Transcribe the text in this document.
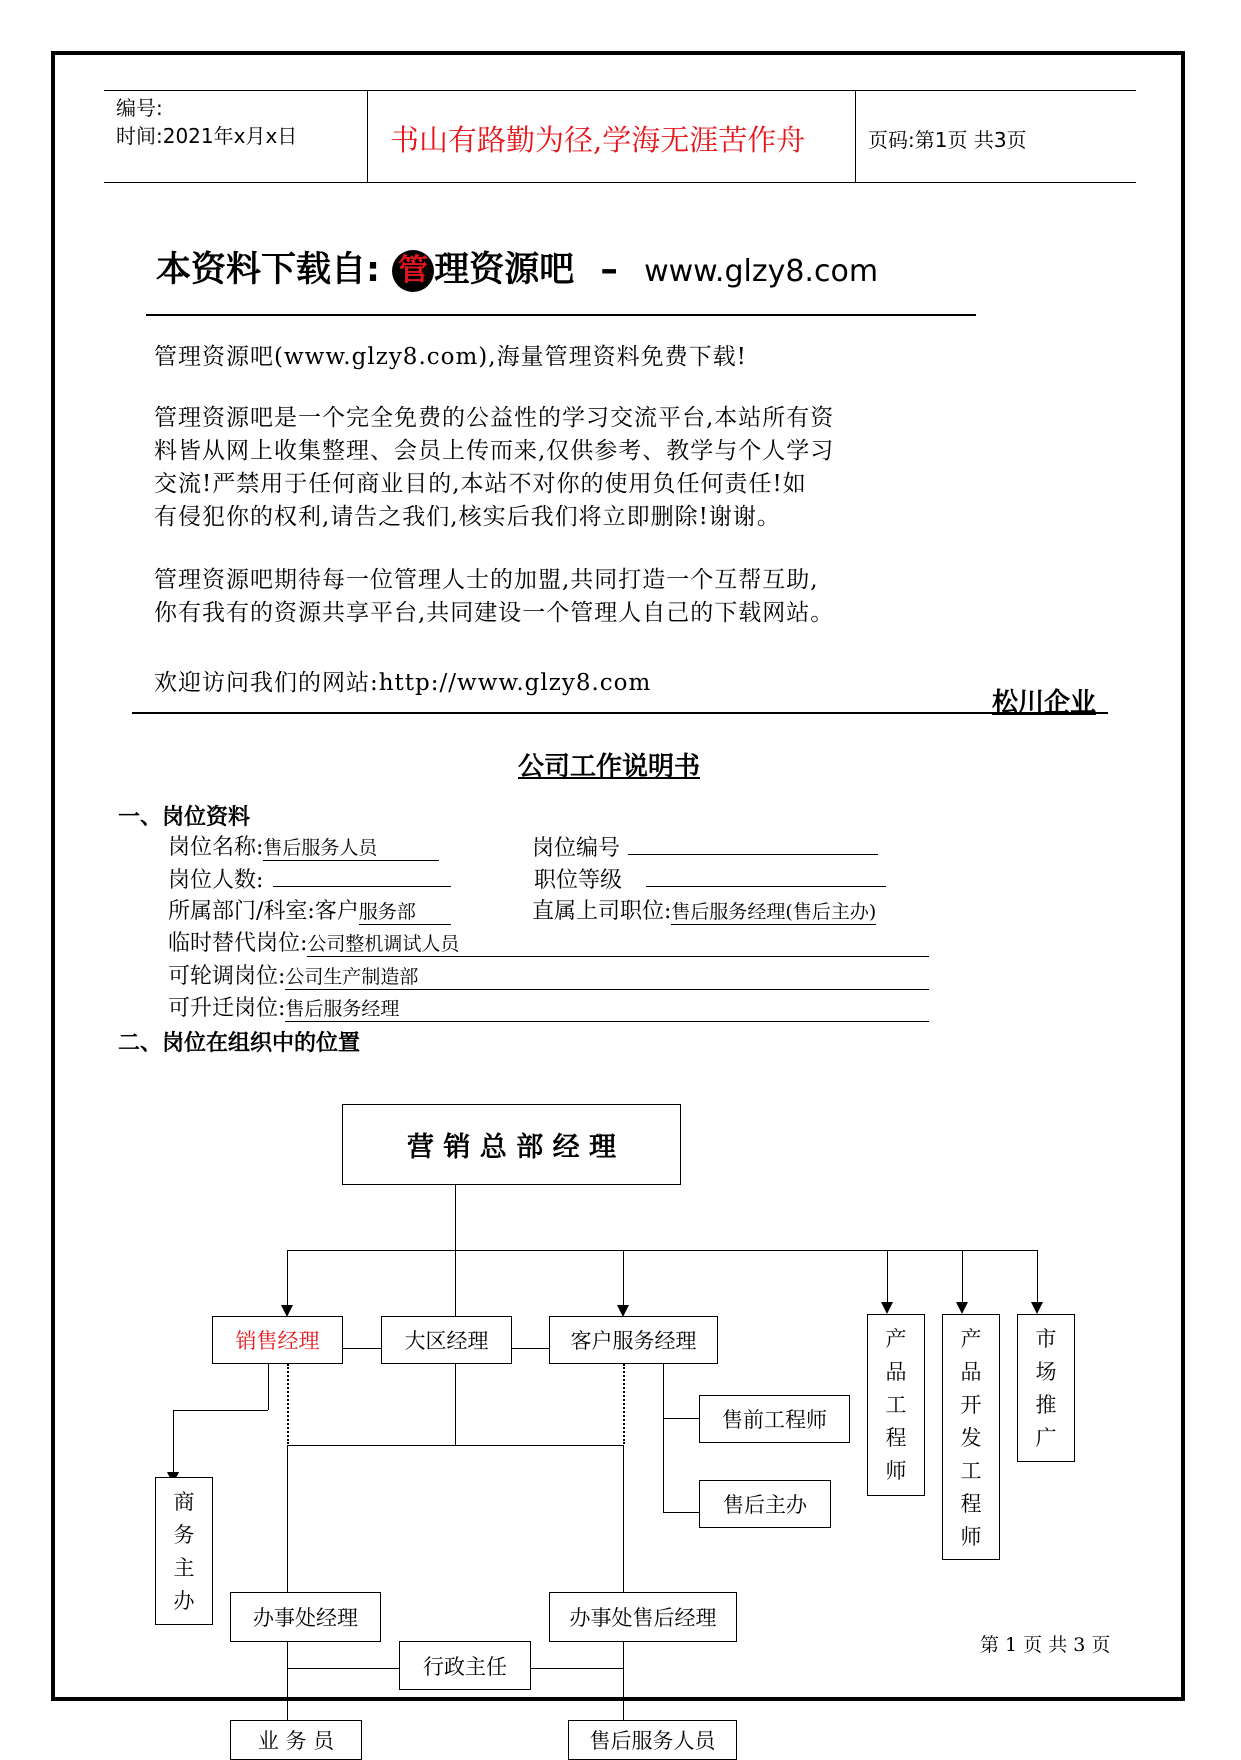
编号:
时间:2021年x月x日	书山有路勤为径,学海无涯苦作舟	页码:第1页 共3页
本资料下载自: 管 理资源吧 – www.glzy8.com
管理资源吧(www.glzy8.com),海量管理资料免费下载!
管理资源吧是一个完全免费的公益性的学习交流平台,本站所有资
料皆从网上收集整理、会员上传而来,仅供参考、教学与个人学习
交流!严禁用于任何商业目的,本站不对你的使用负任何责任!如
有侵犯你的权利,请告之我们,核实后我们将立即删除!谢谢。
管理资源吧期待每一位管理人士的加盟,共同打造一个互帮互助,
你有我有的资源共享平台,共同建设一个管理人自己的下载网站。
欢迎访问我们的网站:http://www.glzy8.com
松川企业
公司工作说明书
一、岗位资料
岗位名称:售后服务人员	岗位编号
岗位人数:	职位等级
所属部门/科室:客户服务部	直属上司职位:售后服务经理(售后主办)
临时替代岗位:公司整机调试人员
可轮调岗位:公司生产制造部
可升迁岗位:售后服务经理
二、岗位在组织中的位置
营 销 总 部 经 理
销售经理	大区经理	客户服务经理
售前工程师
售后主办
产
品
工
程
师
产
品
开
发
工
程
师
市
场
推
广
商
务
主
办
办事处经理	办事处售后经理
行政主任
业 务 员	售后服务人员
第 1 页 共 3 页
